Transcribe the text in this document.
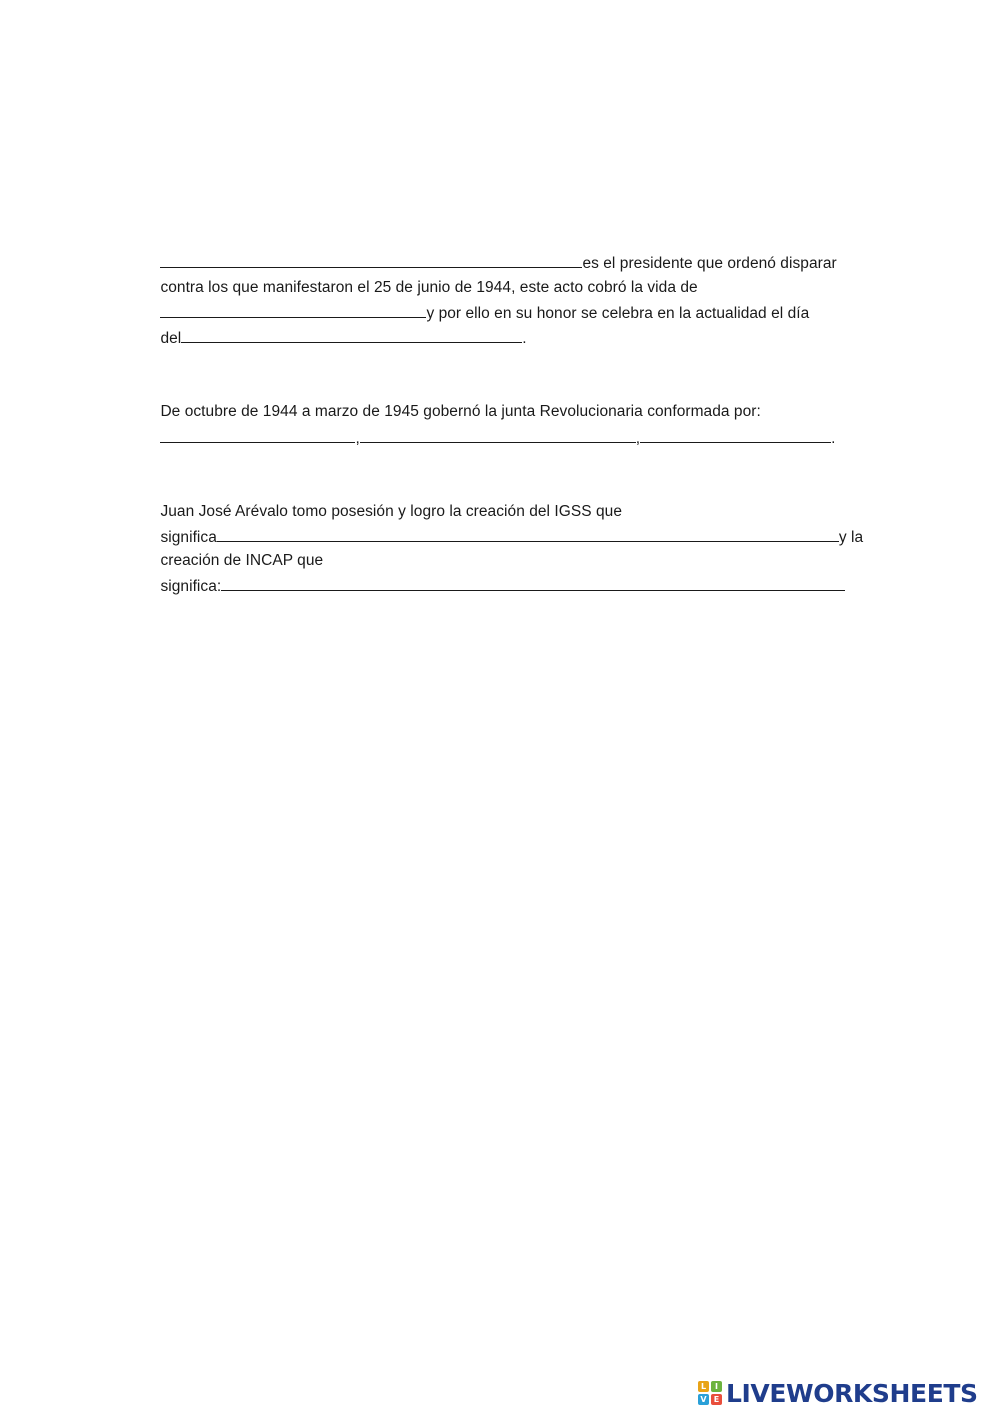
es el presidente que ordenó disparar

contra los que manifestaron el 25 de junio de 1944, este acto cobró la vida de

y por ello en su honor se celebra en la actualidad el día

del	.

De octubre de 1944 a marzo de 1945 gobernó la junta Revolucionaria conformada por:

,	,	.

Juan José Arévalo tomo posesión y logro la creación del IGSS que

significa	y la

creación de INCAP que

significa:

L	I
V E LIVEWORKSHEETS
